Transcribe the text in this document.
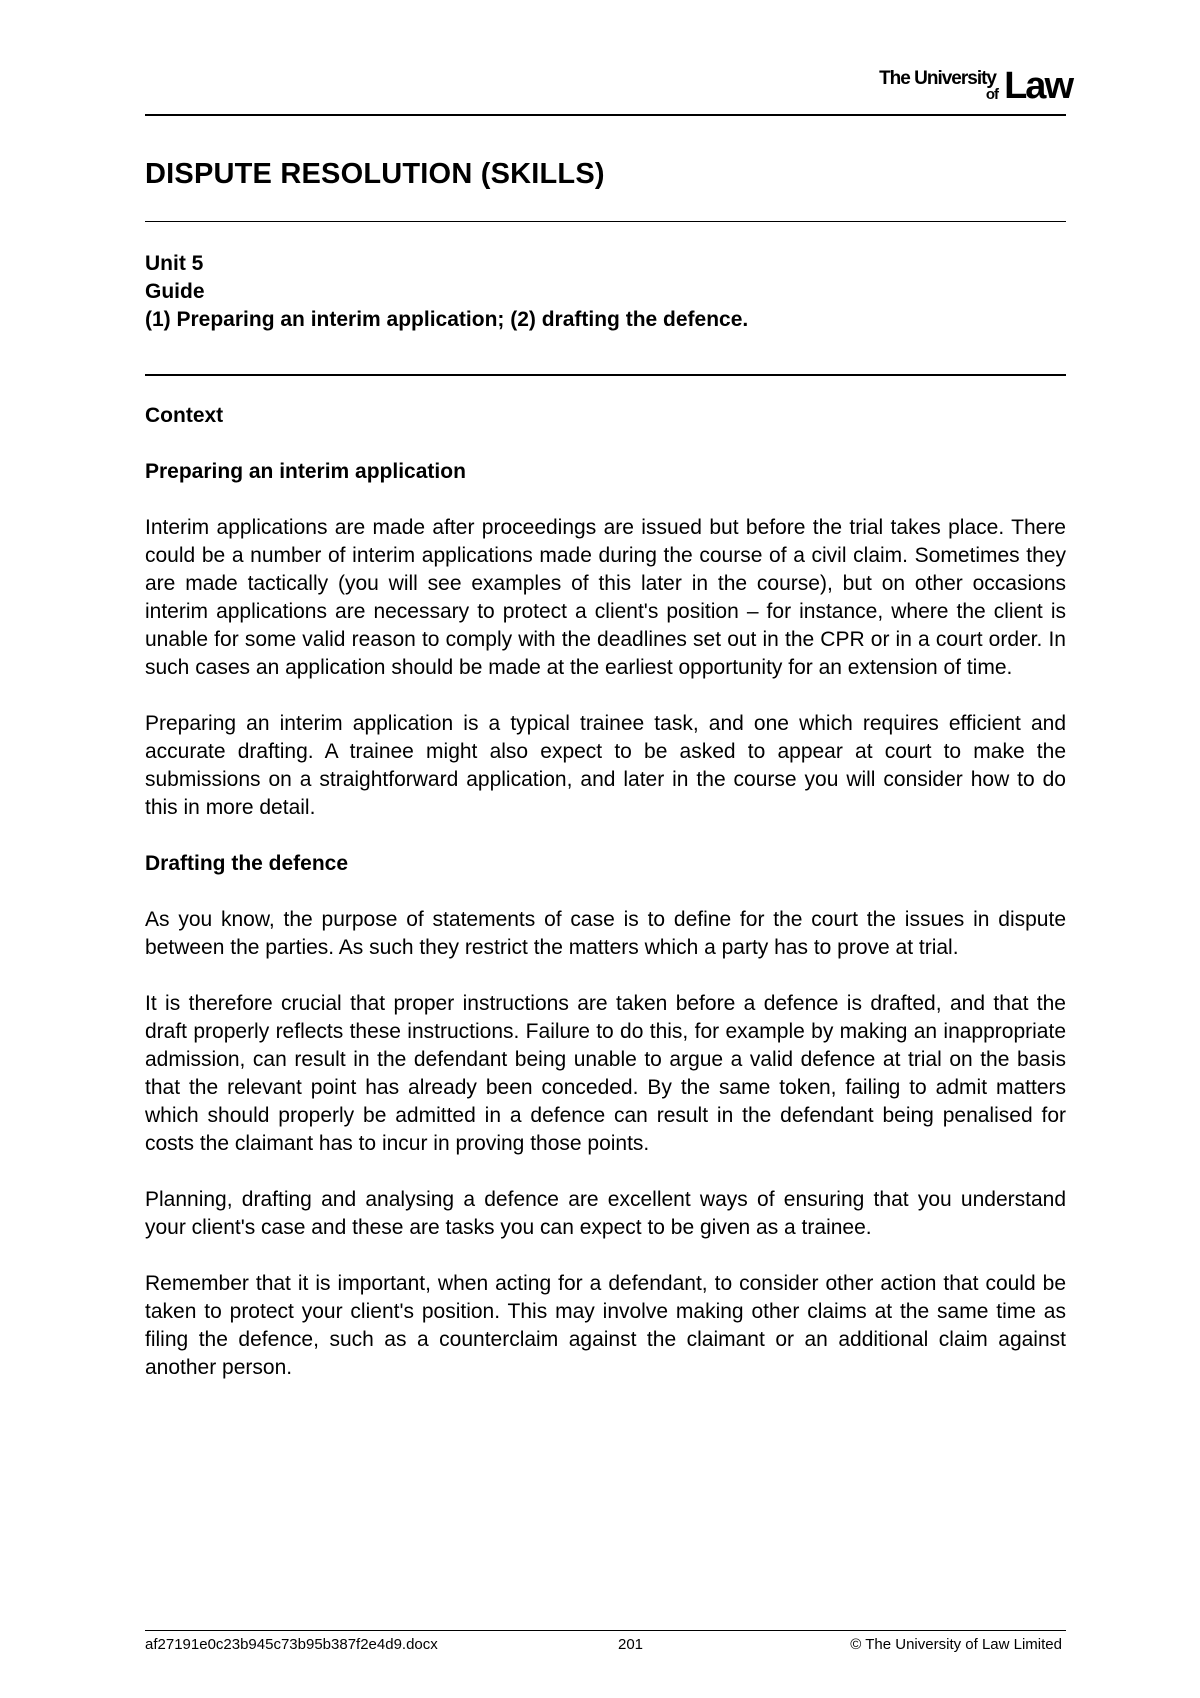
The University
of Law
DISPUTE RESOLUTION (SKILLS)
Unit 5
Guide
(1) Preparing an interim application; (2) drafting the defence.

Context

Preparing an interim application

Interim applications are made after proceedings are issued but before the trial takes place. There could be a number of interim applications made during the course of a civil claim. Sometimes they are made tactically (you will see examples of this later in the course), but on other occasions interim applications are necessary to protect a client's position – for instance, where the client is unable for some valid reason to comply with the deadlines set out in the CPR or in a court order. In such cases an application should be made at the earliest opportunity for an extension of time.

Preparing an interim application is a typical trainee task, and one which requires efficient and accurate drafting. A trainee might also expect to be asked to appear at court to make the submissions on a straightforward application, and later in the course you will consider how to do this in more detail.

Drafting the defence

As you know, the purpose of statements of case is to define for the court the issues in dispute between the parties. As such they restrict the matters which a party has to prove at trial.

It is therefore crucial that proper instructions are taken before a defence is drafted, and that the draft properly reflects these instructions. Failure to do this, for example by making an inappropriate admission, can result in the defendant being unable to argue a valid defence at trial on the basis that the relevant point has already been conceded. By the same token, failing to admit matters which should properly be admitted in a defence can result in the defendant being penalised for costs the claimant has to incur in proving those points.

Planning, drafting and analysing a defence are excellent ways of ensuring that you understand your client's case and these are tasks you can expect to be given as a trainee.

Remember that it is important, when acting for a defendant, to consider other action that could be taken to protect your client's position. This may involve making other claims at the same time as filing the defence, such as a counterclaim against the claimant or an additional claim against another person.

af27191e0c23b945c73b95b387f2e4d9.docx	201	© The University of Law Limited
